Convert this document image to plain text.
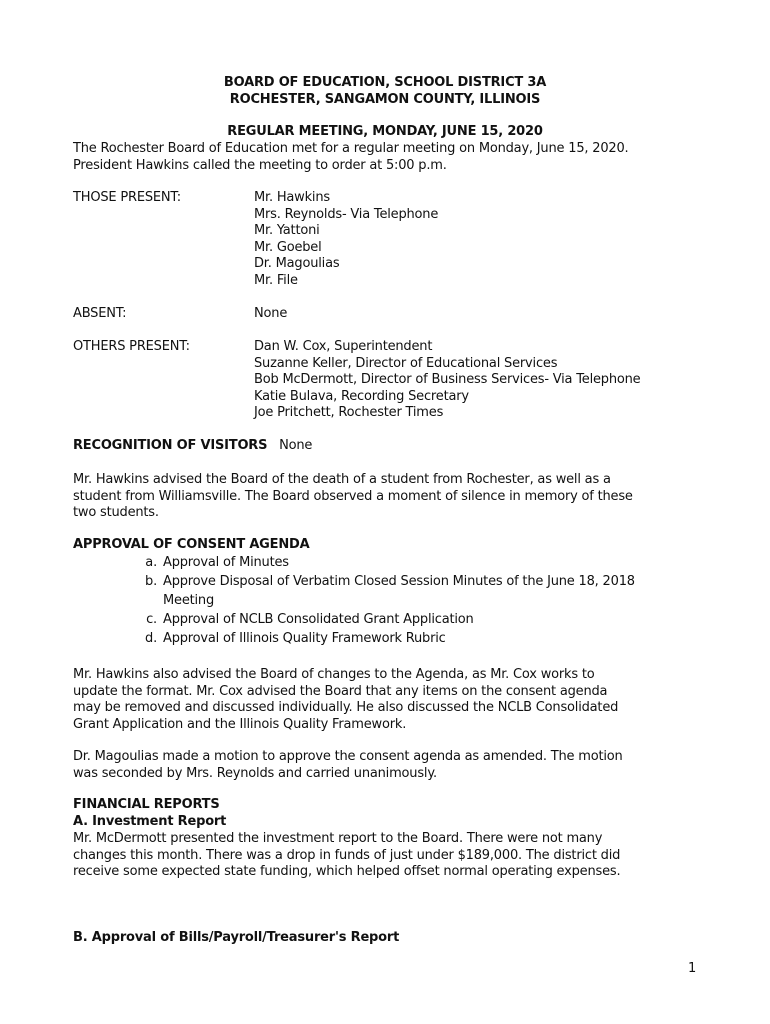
BOARD OF EDUCATION, SCHOOL DISTRICT 3A
ROCHESTER, SANGAMON COUNTY, ILLINOIS
REGULAR MEETING, MONDAY, JUNE 15, 2020
The Rochester Board of Education met for a regular meeting on Monday, June 15, 2020.
President Hawkins called the meeting to order at 5:00 p.m.
THOSE PRESENT:	Mr. Hawkins
Mrs. Reynolds- Via Telephone
Mr. Yattoni
Mr. Goebel
Dr. Magoulias
Mr. File
ABSENT:	None
OTHERS PRESENT:	Dan W. Cox, Superintendent
Suzanne Keller, Director of Educational Services
Bob McDermott, Director of Business Services- Via Telephone
Katie Bulava, Recording Secretary
Joe Pritchett, Rochester Times
RECOGNITION OF VISITORS None
Mr. Hawkins advised the Board of the death of a student from Rochester, as well as a
student from Williamsville. The Board observed a moment of silence in memory of these
two students.
APPROVAL OF CONSENT AGENDA
a. Approval of Minutes
b. Approve Disposal of Verbatim Closed Session Minutes of the June 18, 2018
Meeting
c. Approval of NCLB Consolidated Grant Application
d. Approval of Illinois Quality Framework Rubric
Mr. Hawkins also advised the Board of changes to the Agenda, as Mr. Cox works to
update the format. Mr. Cox advised the Board that any items on the consent agenda
may be removed and discussed individually. He also discussed the NCLB Consolidated
Grant Application and the Illinois Quality Framework.
Dr. Magoulias made a motion to approve the consent agenda as amended. The motion
was seconded by Mrs. Reynolds and carried unanimously.
FINANCIAL REPORTS
A. Investment Report
Mr. McDermott presented the investment report to the Board. There were not many
changes this month. There was a drop in funds of just under $189,000. The district did
receive some expected state funding, which helped offset normal operating expenses.
B. Approval of Bills/Payroll/Treasurer's Report
1
